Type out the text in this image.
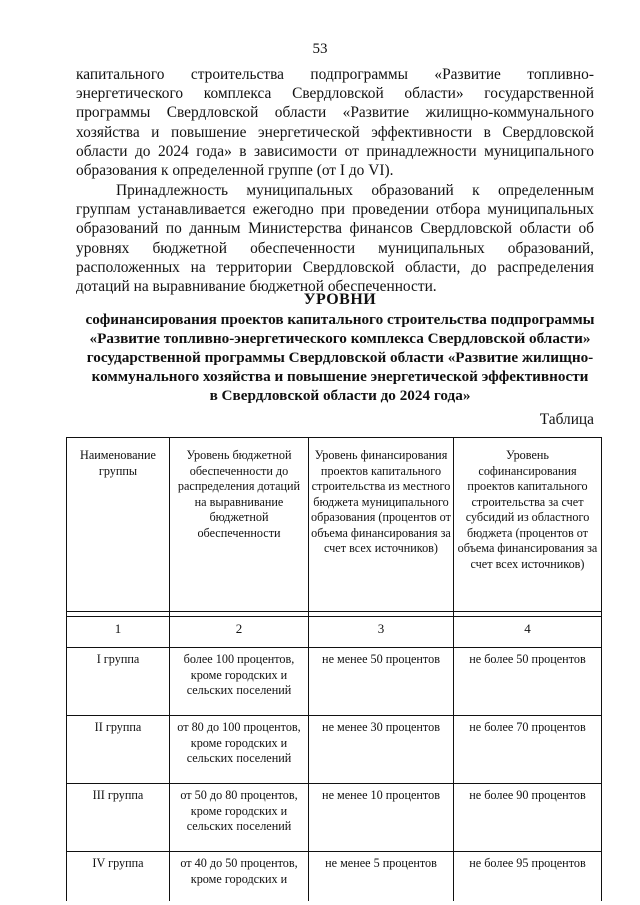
53

капитального строительства подпрограммы «Развитие топливно-энергетического комплекса Свердловской области» государственной программы Свердловской области «Развитие жилищно-коммунального хозяйства и повышение энергетической эффективности в Свердловской области до 2024 года» в зависимости от принадлежности муниципального образования к определенной группе (от I до VI).

Принадлежность муниципальных образований к определенным группам устанавливается ежегодно при проведении отбора муниципальных образований по данным Министерства финансов Свердловской области об уровнях бюджетной обеспеченности муниципальных образований, расположенных на территории Свердловской области, до распределения дотаций на выравнивание бюджетной обеспеченности.

УРОВНИ
софинансирования проектов капитального строительства подпрограммы
«Развитие топливно-энергетического комплекса Свердловской области»
государственной программы Свердловской области «Развитие жилищно-
коммунального хозяйства и повышение энергетической эффективности
в Свердловской области до 2024 года»
Таблица
Наименование группы	Уровень бюджетной обеспеченности до распределения дотаций на выравнивание бюджетной обеспеченности	Уровень финансирования проектов капитального строительства из местного бюджета муниципального образования (процентов от объема финансирования за счет всех источников)	Уровень софинансирования проектов капитального строительства за счет субсидий из областного бюджета (процентов от объема финансирования за счет всех источников)

1	2	3	4
I группа	более 100 процентов, кроме городских и сельских поселений	не менее 50 процентов	не более 50 процентов
II группа	от 80 до 100 процентов, кроме городских и сельских поселений	не менее 30 процентов	не более 70 процентов
III группа	от 50 до 80 процентов, кроме городских и сельских поселений	не менее 10 процентов	не более 90 процентов
IV группа	от 40 до 50 процентов, кроме городских и	не менее 5 процентов	не более 95 процентов
